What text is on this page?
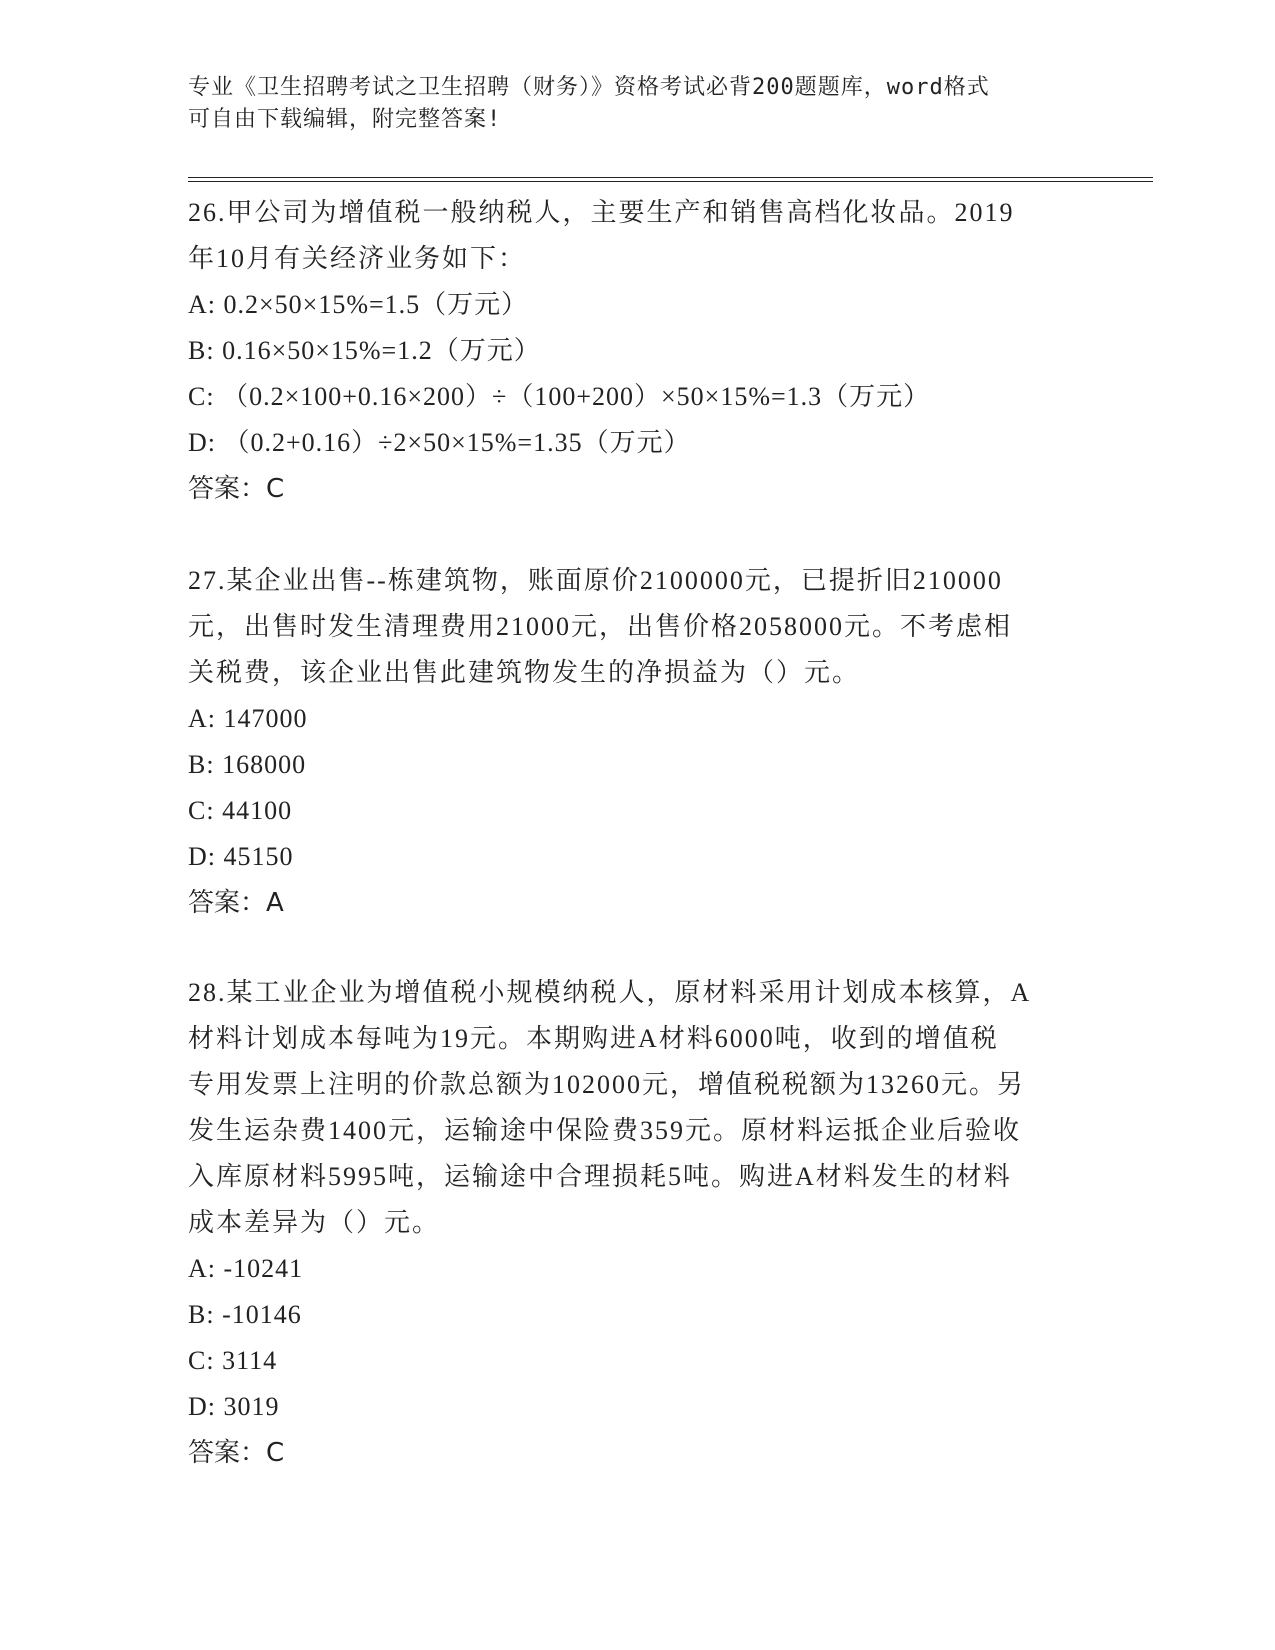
专业《卫生招聘考试之卫生招聘（财务）》资格考试必背200题题库，word格式
可自由下载编辑，附完整答案!

26.甲公司为增值税一般纳税人，主要生产和销售高档化妆品。2019

年10月有关经济业务如下：

A: 0.2×50×15%=1.5（万元）

B: 0.16×50×15%=1.2（万元）

C: （0.2×100+0.16×200）÷（100+200）×50×15%=1.3（万元）

D: （0.2+0.16）÷2×50×15%=1.35（万元）

答案：C

27.某企业出售--栋建筑物，账面原价2100000元，已提折旧210000

元，出售时发生清理费用21000元，出售价格2058000元。不考虑相

关税费，该企业出售此建筑物发生的净损益为（）元。

A: 147000

B: 168000

C: 44100

D: 45150

答案：A

28.某工业企业为增值税小规模纳税人，原材料采用计划成本核算，A

材料计划成本每吨为19元。本期购进A材料6000吨，收到的增值税

专用发票上注明的价款总额为102000元，增值税税额为13260元。另

发生运杂费1400元，运输途中保险费359元。原材料运抵企业后验收

入库原材料5995吨，运输途中合理损耗5吨。购进A材料发生的材料

成本差异为（）元。

A: -10241

B: -10146

C: 3114

D: 3019

答案：C
